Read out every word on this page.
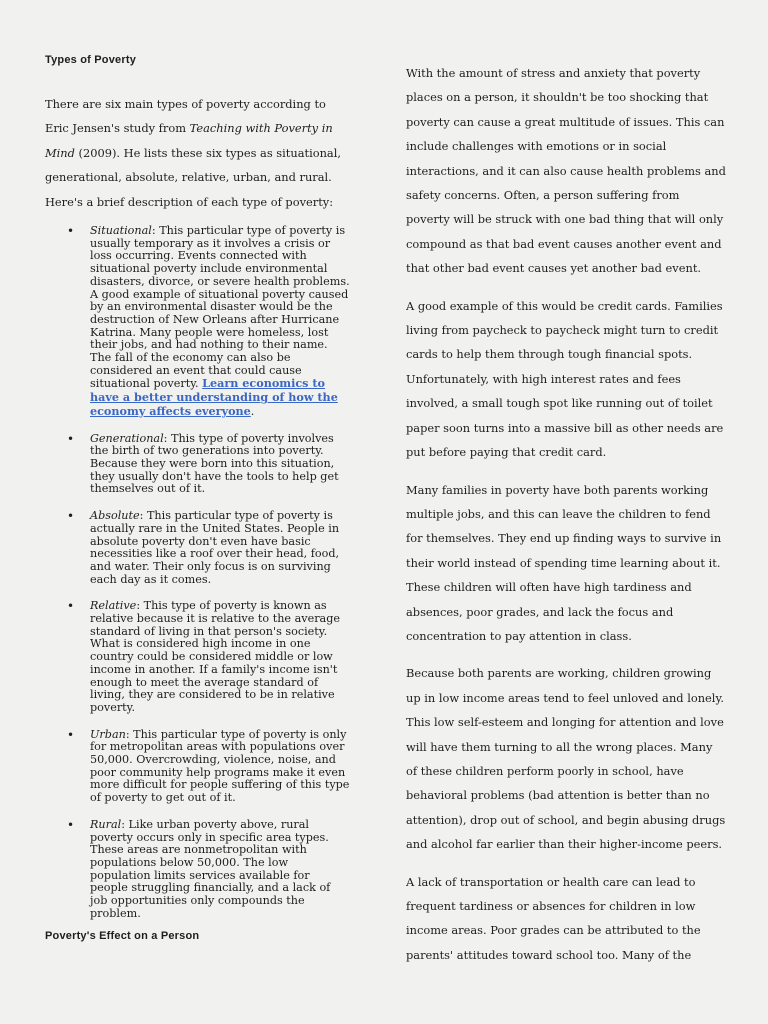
Types of Poverty

There are six main types of poverty according to Eric Jensen's study from Teaching with Poverty in Mind (2009). He lists these six types as situational, generational, absolute, relative, urban, and rural. Here's a brief description of each type of poverty:

• Situational: This particular type of poverty is usually temporary as it involves a crisis or loss occurring. Events connected with situational poverty include environmental disasters, divorce, or severe health problems. A good example of situational poverty caused by an environmental disaster would be the destruction of New Orleans after Hurricane Katrina. Many people were homeless, lost their jobs, and had nothing to their name. The fall of the economy can also be considered an event that could cause situational poverty. Learn economics to have a better understanding of how the economy affects everyone.
• Generational: This type of poverty involves the birth of two generations into poverty. Because they were born into this situation, they usually don't have the tools to help get themselves out of it.
• Absolute: This particular type of poverty is actually rare in the United States. People in absolute poverty don't even have basic necessities like a roof over their head, food, and water. Their only focus is on surviving each day as it comes.
• Relative: This type of poverty is known as relative because it is relative to the average standard of living in that person's society. What is considered high income in one country could be considered middle or low income in another. If a family's income isn't enough to meet the average standard of living, they are considered to be in relative poverty.
• Urban: This particular type of poverty is only for metropolitan areas with populations over 50,000. Overcrowding, violence, noise, and poor community help programs make it even more difficult for people suffering of this type of poverty to get out of it.
• Rural: Like urban poverty above, rural poverty occurs only in specific area types. These areas are nonmetropolitan with populations below 50,000. The low population limits services available for people struggling financially, and a lack of job opportunities only compounds the problem.
Poverty's Effect on a Person

With the amount of stress and anxiety that poverty places on a person, it shouldn't be too shocking that poverty can cause a great multitude of issues. This can include challenges with emotions or in social interactions, and it can also cause health problems and safety concerns. Often, a person suffering from poverty will be struck with one bad thing that will only compound as that bad event causes another event and that other bad event causes yet another bad event.

A good example of this would be credit cards. Families living from paycheck to paycheck might turn to credit cards to help them through tough financial spots. Unfortunately, with high interest rates and fees involved, a small tough spot like running out of toilet paper soon turns into a massive bill as other needs are put before paying that credit card.

Many families in poverty have both parents working multiple jobs, and this can leave the children to fend for themselves. They end up finding ways to survive in their world instead of spending time learning about it. These children will often have high tardiness and absences, poor grades, and lack the focus and concentration to pay attention in class.

Because both parents are working, children growing up in low income areas tend to feel unloved and lonely. This low self-esteem and longing for attention and love will have them turning to all the wrong places. Many of these children perform poorly in school, have behavioral problems (bad attention is better than no attention), drop out of school, and begin abusing drugs and alcohol far earlier than their higher-income peers.

A lack of transportation or health care can lead to frequent tardiness or absences for children in low income areas. Poor grades can be attributed to the parents' attitudes toward school too. Many of the
